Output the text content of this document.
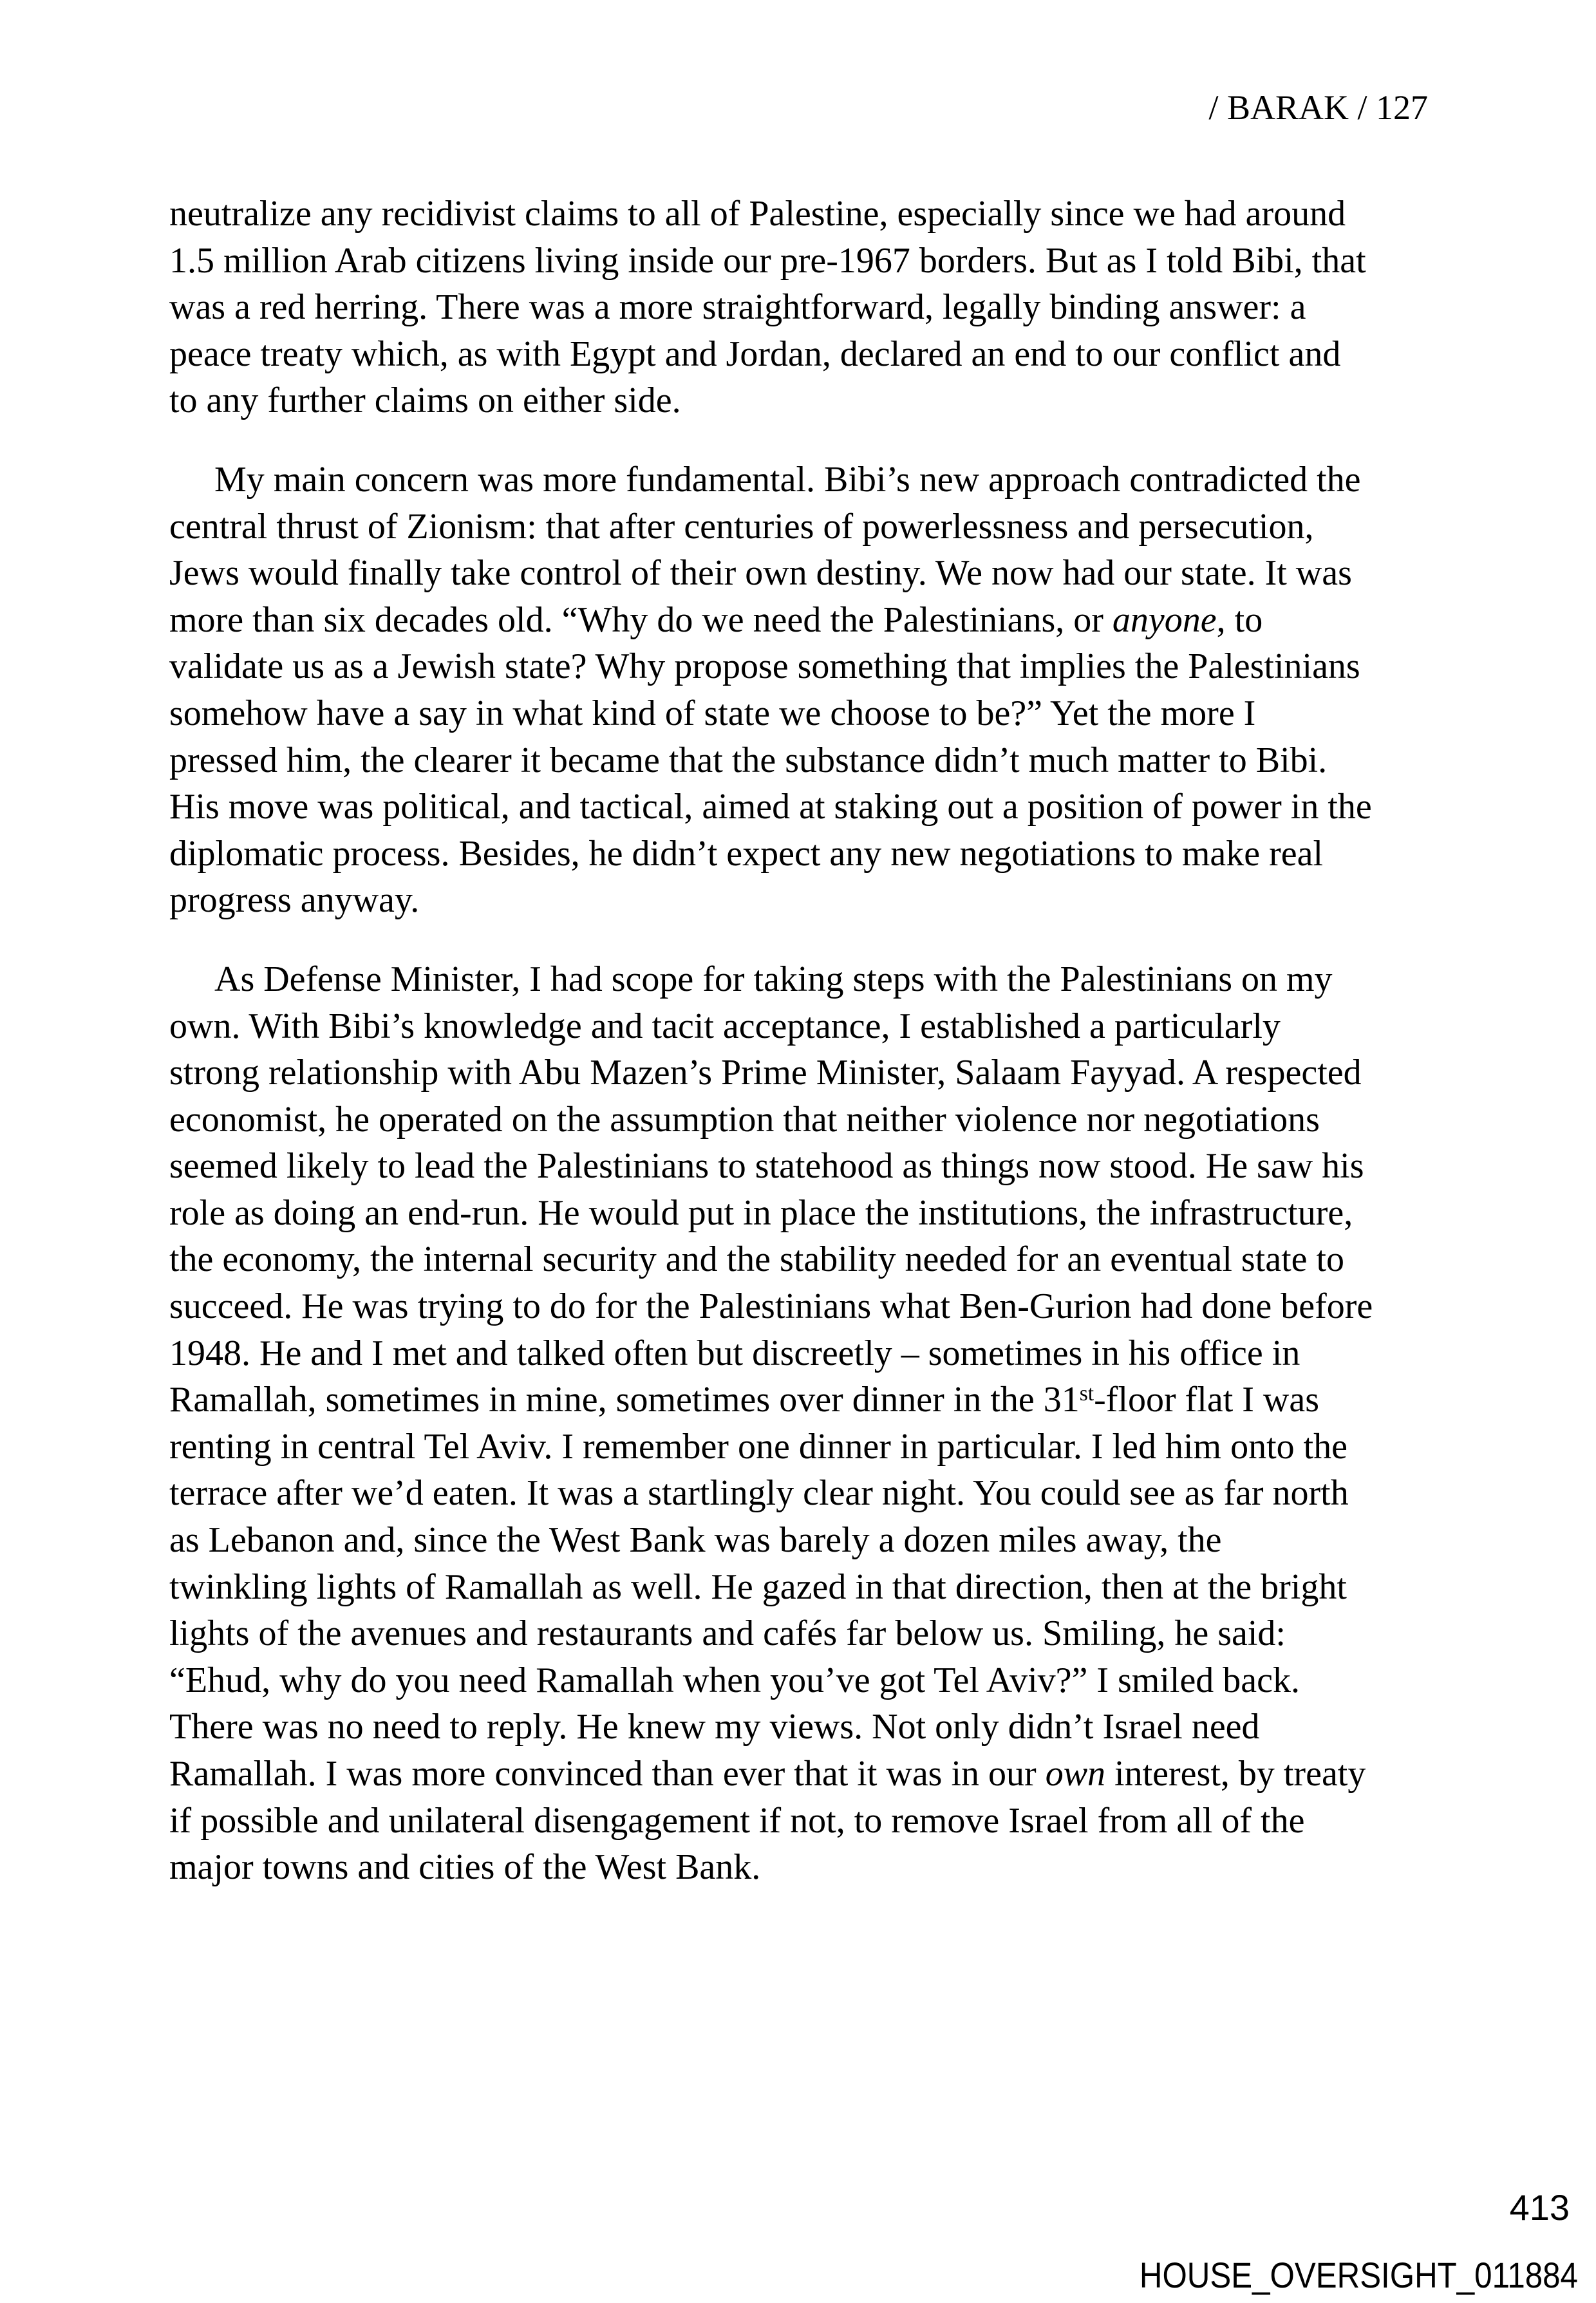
/ BARAK / 127
neutralize any recidivist claims to all of Palestine, especially since we had around
1.5 million Arab citizens living inside our pre-1967 borders. But as I told Bibi, that
was a red herring. There was a more straightforward, legally binding answer: a
peace treaty which, as with Egypt and Jordan, declared an end to our conflict and
to any further claims on either side.
My main concern was more fundamental. Bibi’s new approach contradicted the
central thrust of Zionism: that after centuries of powerlessness and persecution,
Jews would finally take control of their own destiny. We now had our state. It was
more than six decades old. “Why do we need the Palestinians, or anyone, to
validate us as a Jewish state? Why propose something that implies the Palestinians
somehow have a say in what kind of state we choose to be?” Yet the more I
pressed him, the clearer it became that the substance didn’t much matter to Bibi.
His move was political, and tactical, aimed at staking out a position of power in the
diplomatic process. Besides, he didn’t expect any new negotiations to make real
progress anyway.
As Defense Minister, I had scope for taking steps with the Palestinians on my
own. With Bibi’s knowledge and tacit acceptance, I established a particularly
strong relationship with Abu Mazen’s Prime Minister, Salaam Fayyad. A respected
economist, he operated on the assumption that neither violence nor negotiations
seemed likely to lead the Palestinians to statehood as things now stood. He saw his
role as doing an end-run. He would put in place the institutions, the infrastructure,
the economy, the internal security and the stability needed for an eventual state to
succeed. He was trying to do for the Palestinians what Ben-Gurion had done before
1948. He and I met and talked often but discreetly – sometimes in his office in
Ramallah, sometimes in mine, sometimes over dinner in the 31st-floor flat I was
renting in central Tel Aviv. I remember one dinner in particular. I led him onto the
terrace after we’d eaten. It was a startlingly clear night. You could see as far north
as Lebanon and, since the West Bank was barely a dozen miles away, the
twinkling lights of Ramallah as well. He gazed in that direction, then at the bright
lights of the avenues and restaurants and cafés far below us. Smiling, he said:
“Ehud, why do you need Ramallah when you’ve got Tel Aviv?” I smiled back.
There was no need to reply. He knew my views. Not only didn’t Israel need
Ramallah. I was more convinced than ever that it was in our own interest, by treaty
if possible and unilateral disengagement if not, to remove Israel from all of the
major towns and cities of the West Bank.
413
HOUSE_OVERSIGHT_011884
